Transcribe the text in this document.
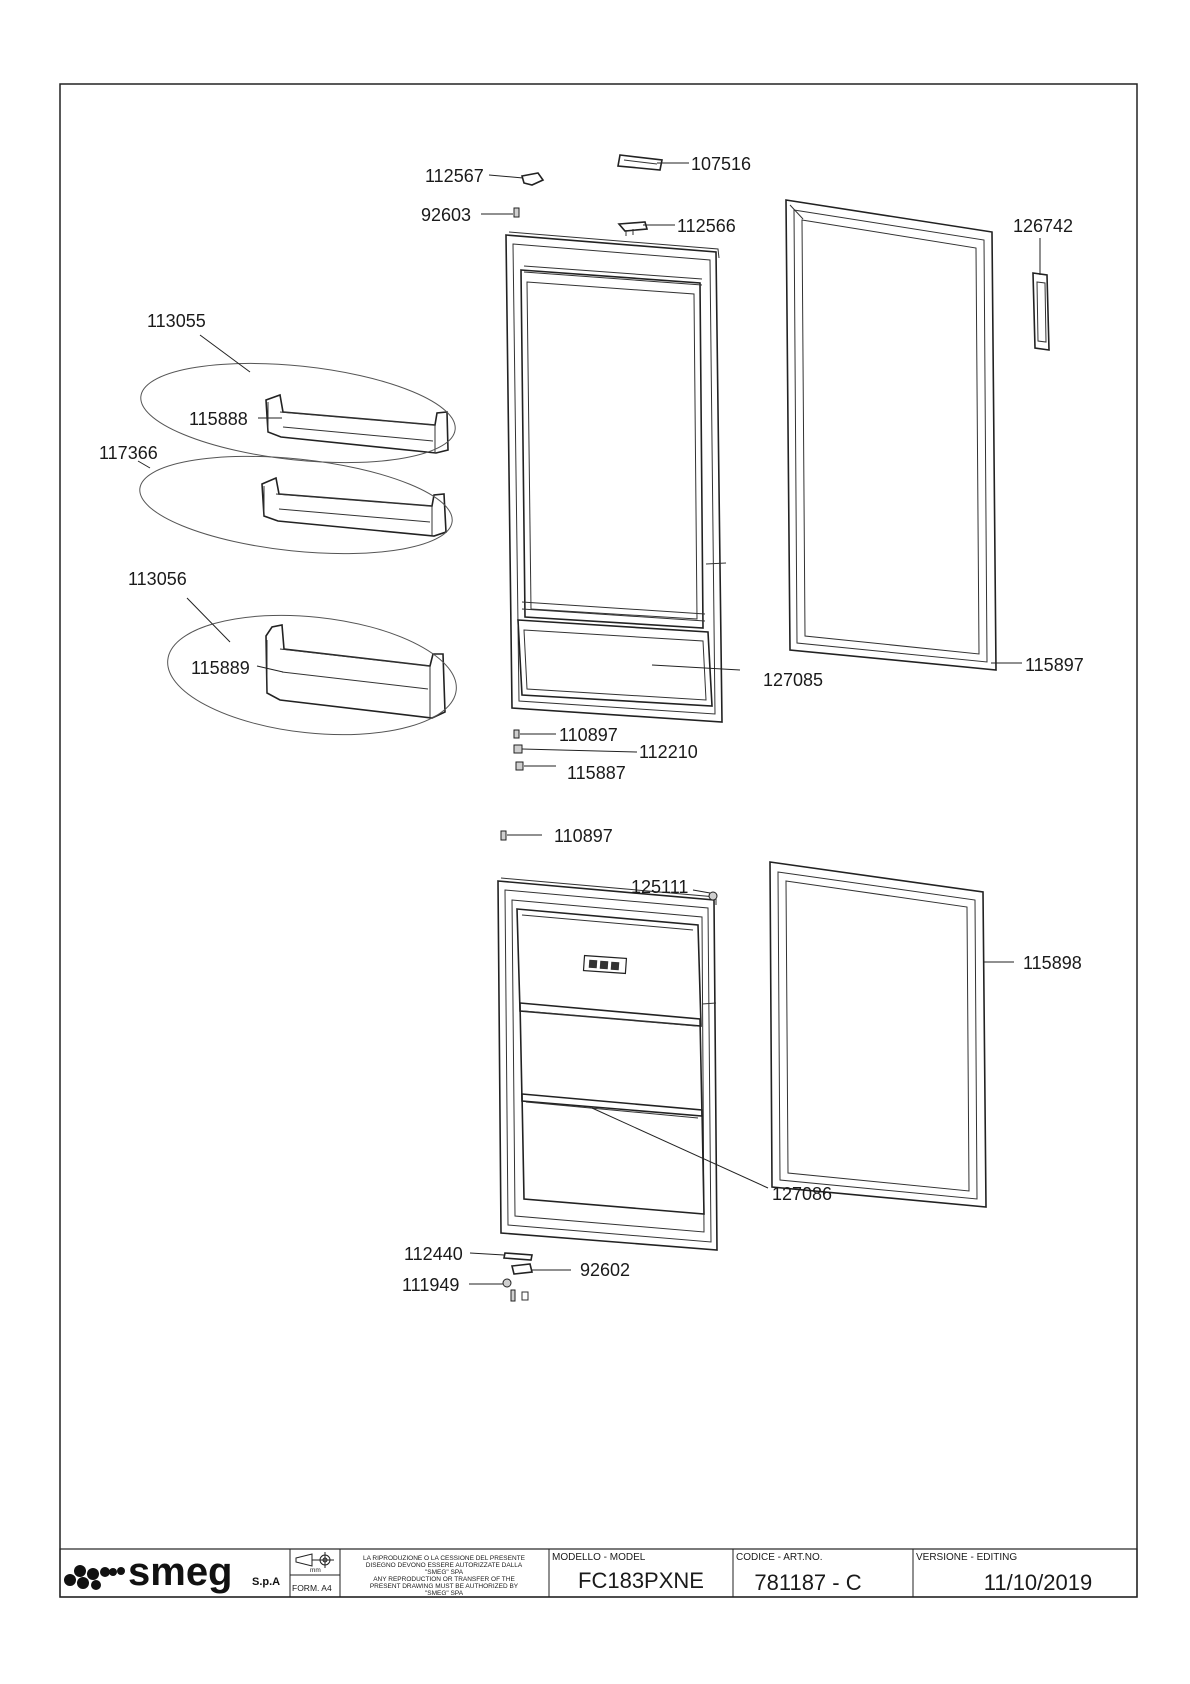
112567
107516
92603
112566	126742
113055
115888
117366
113056
115889
127085
115897
110897
112210
115887
110897
125111
115898
127086
112440
92602
111949
smeg S.p.A
mm
FORM. A4
LA RIPRODUZIONE O LA CESSIONE DEL PRESENTE
DISEGNO DEVONO ESSERE AUTORIZZATE DALLA
"SMEG" SPA
ANY REPRODUCTION OR TRANSFER OF THE
PRESENT DRAWING MUST BE AUTHORIZED BY
"SMEG" SPA
MODELLO - MODEL
FC183PXNE
CODICE - ART.NO.
781187 - C
VERSIONE - EDITING
11/10/2019
